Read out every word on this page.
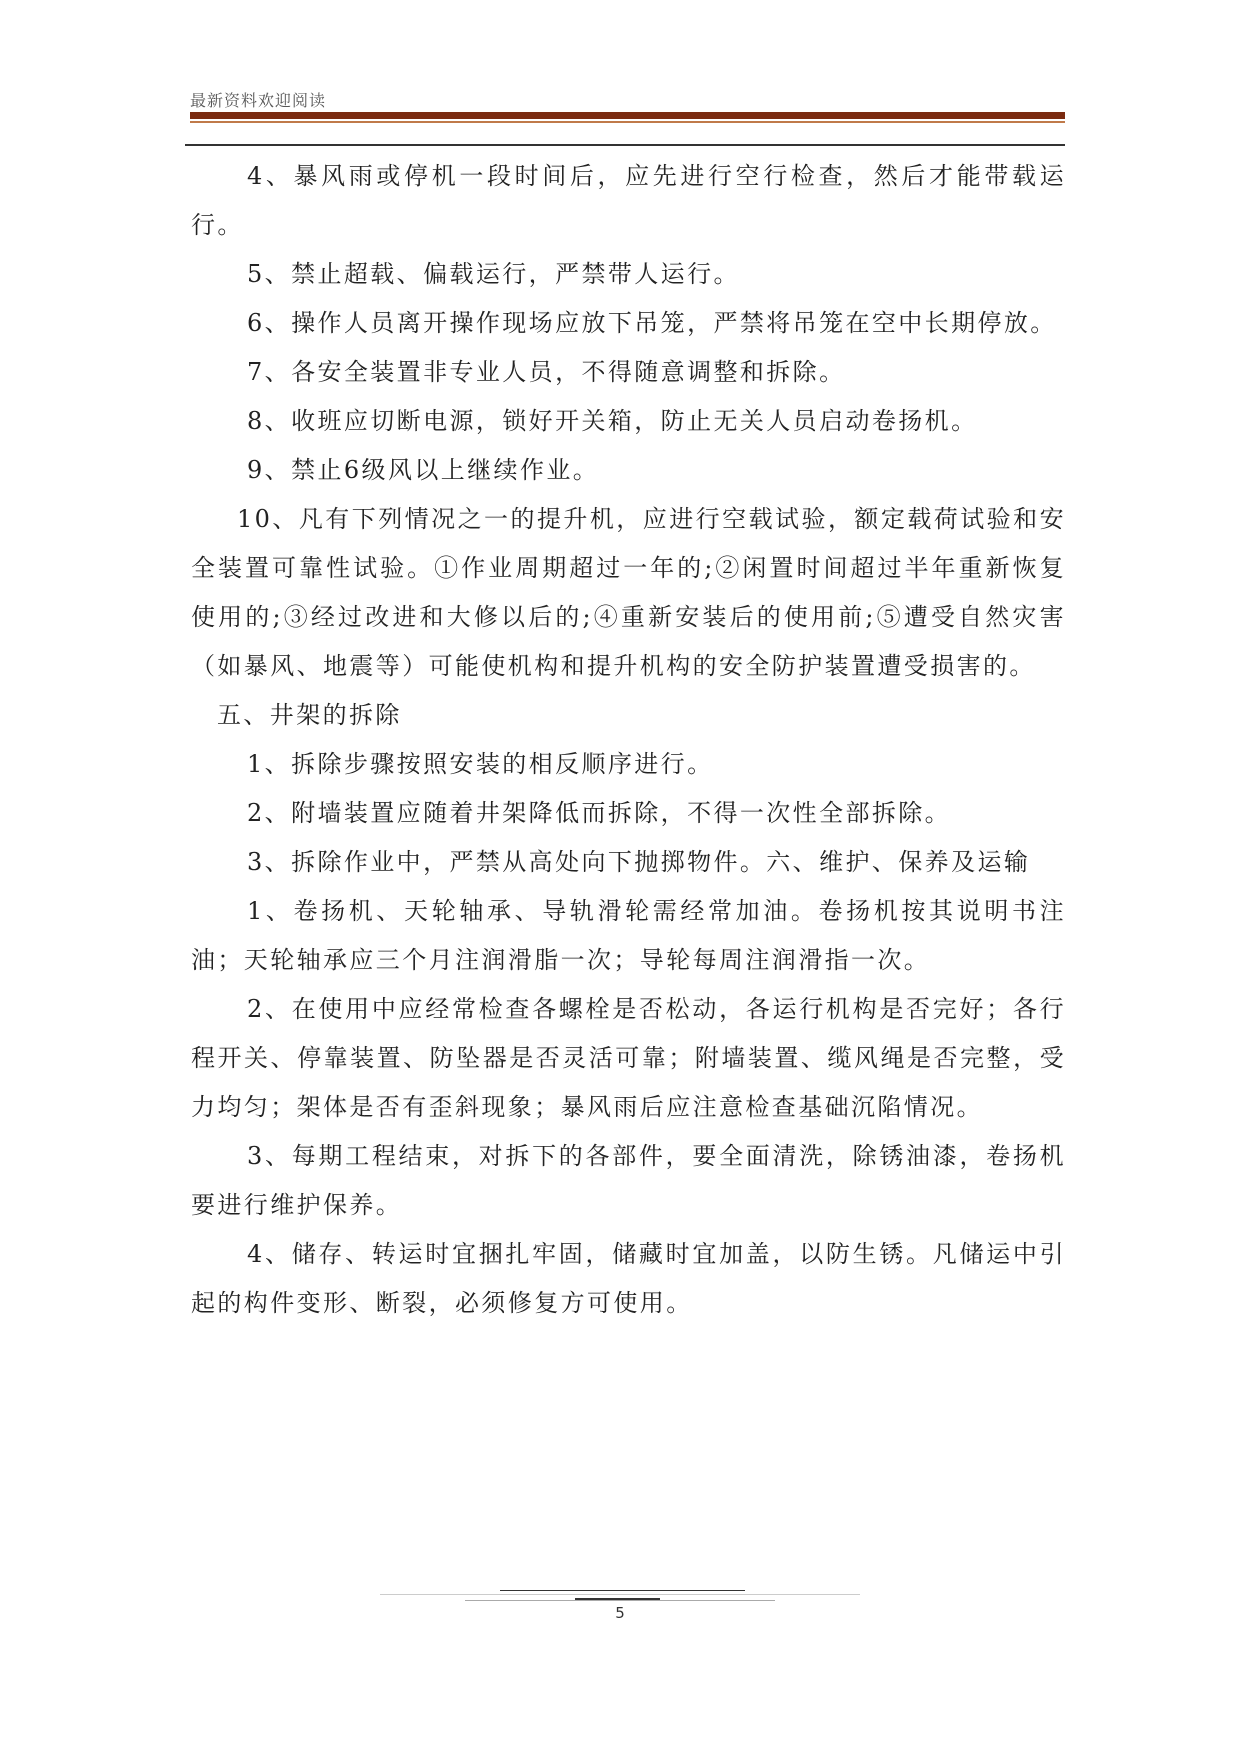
最新资料欢迎阅读

4、暴风雨或停机一段时间后，应先进行空行检查，然后才能带载运行。

5、禁止超载、偏载运行，严禁带人运行。

6、操作人员离开操作现场应放下吊笼，严禁将吊笼在空中长期停放。

7、各安全装置非专业人员，不得随意调整和拆除。

8、收班应切断电源，锁好开关箱，防止无关人员启动卷扬机。

9、禁止6级风以上继续作业。

10、凡有下列情况之一的提升机，应进行空载试验，额定载荷试验和安全装置可靠性试验。①作业周期超过一年的;②闲置时间超过半年重新恢复使用的;③经过改进和大修以后的;④重新安装后的使用前;⑤遭受自然灾害（如暴风、地震等）可能使机构和提升机构的安全防护装置遭受损害的。

五、井架的拆除

1、拆除步骤按照安装的相反顺序进行。

2、附墙装置应随着井架降低而拆除，不得一次性全部拆除。

3、拆除作业中，严禁从高处向下抛掷物件。六、维护、保养及运输

1、卷扬机、天轮轴承、导轨滑轮需经常加油。卷扬机按其说明书注油；天轮轴承应三个月注润滑脂一次；导轮每周注润滑指一次。

2、在使用中应经常检查各螺栓是否松动，各运行机构是否完好；各行程开关、停靠装置、防坠器是否灵活可靠；附墙装置、缆风绳是否完整，受力均匀；架体是否有歪斜现象；暴风雨后应注意检查基础沉陷情况。

3、每期工程结束，对拆下的各部件，要全面清洗，除锈油漆，卷扬机要进行维护保养。

4、储存、转运时宜捆扎牢固，储藏时宜加盖，以防生锈。凡储运中引起的构件变形、断裂，必须修复方可使用。

5
